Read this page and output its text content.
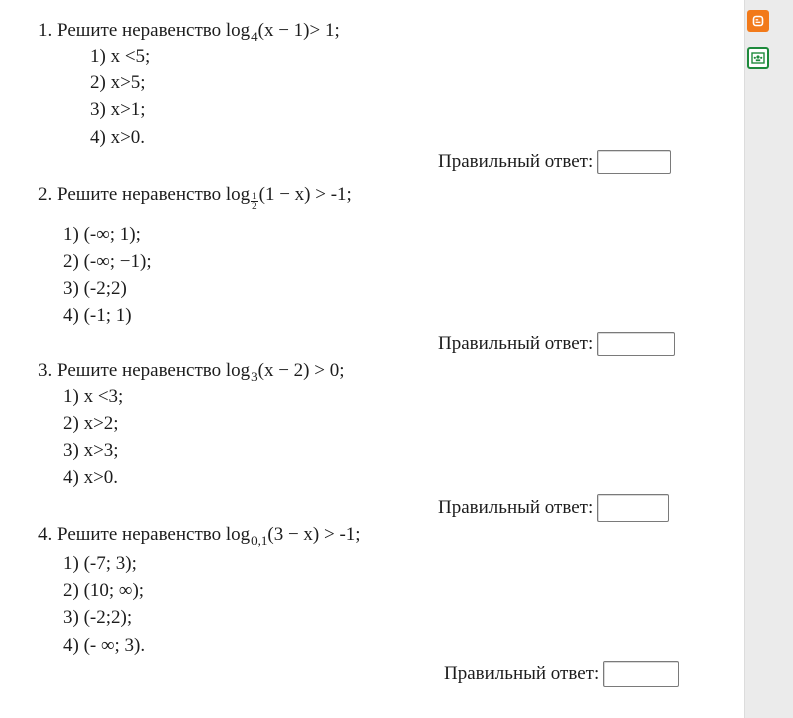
1. Решите неравенство $\log_4(x - 1)> 1$;
1) x <5;
2) x>5;
3) x>1;
4) x>0.
Правильный ответ:
2. Решите неравенство $\log \frac{1}{2} (1 - x) > -1$;
1) (-∞; 1);
2) (-∞; −1);
3) (-2;2)
4) (-1; 1)
Правильный ответ:
3. Решите неравенство $\log_3(x - 2) > 0$;
1) x <3;
2) x>2;
3) x>3;
4) x>0.
Правильный ответ:
4. Решите неравенство $\log_{0,1}(3 - x) > -1$;
1) (-7; 3);
2) (10; ∞);
3) (-2;2);
4) (- ∞; 3).
Правильный ответ:
